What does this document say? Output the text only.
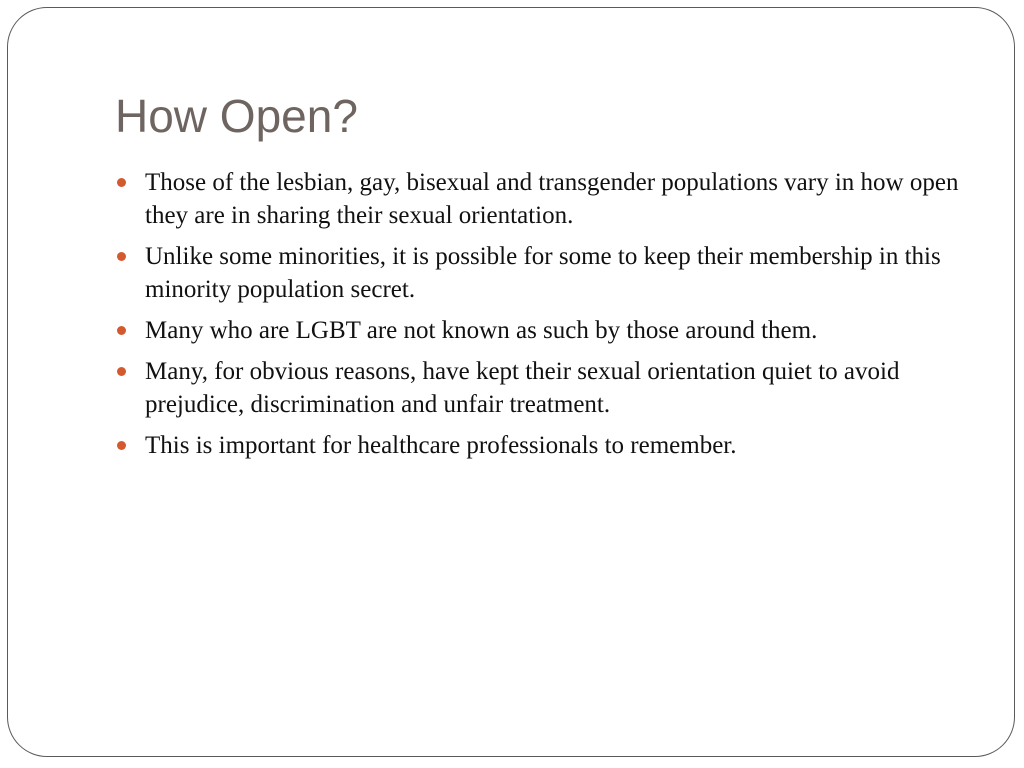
How Open?
Those of the lesbian, gay, bisexual and transgender populations vary in how open they are in sharing their sexual orientation.
Unlike some minorities, it is possible for some to keep their membership in this minority population secret.
Many who are LGBT are not known as such by those around them.
Many, for obvious reasons, have kept their sexual orientation quiet to avoid prejudice, discrimination and unfair treatment.
This is important for healthcare professionals to remember.
